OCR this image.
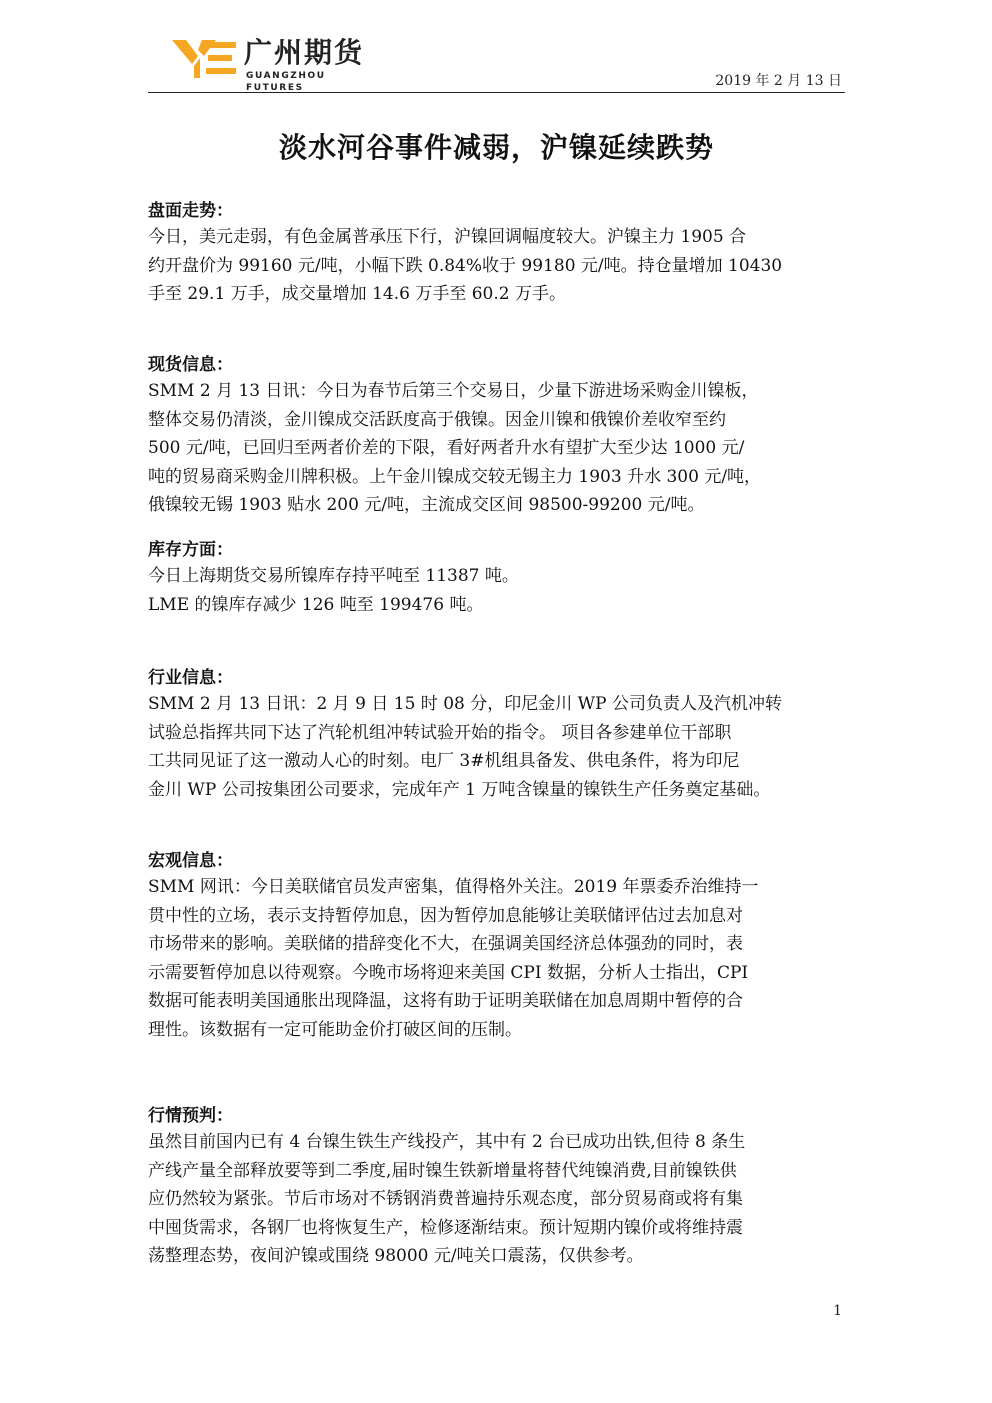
广州期货
GUANGZHOU FUTURES	2019 年 2 月 13 日
淡水河谷事件减弱，沪镍延续跌势
盘面走势：

今日，美元走弱，有色金属普承压下行，沪镍回调幅度较大。沪镍主力 1905 合

约开盘价为 99160 元/吨，小幅下跌 0.84%收于 99180 元/吨。持仓量增加 10430

手至 29.1 万手，成交量增加 14.6 万手至 60.2 万手。

现货信息：

SMM 2 月 13 日讯：今日为春节后第三个交易日，少量下游进场采购金川镍板，

整体交易仍清淡，金川镍成交活跃度高于俄镍。因金川镍和俄镍价差收窄至约

500 元/吨，已回归至两者价差的下限，看好两者升水有望扩大至少达 1000 元/

吨的贸易商采购金川牌积极。上午金川镍成交较无锡主力 1903 升水 300 元/吨，

俄镍较无锡 1903 贴水 200 元/吨，主流成交区间 98500-99200 元/吨。

库存方面：

今日上海期货交易所镍库存持平吨至 11387 吨。

LME 的镍库存减少 126 吨至 199476 吨。

行业信息：

SMM 2 月 13 日讯：2 月 9 日 15 时 08 分，印尼金川 WP 公司负责人及汽机冲转

试验总指挥共同下达了汽轮机组冲转试验开始的指令。 项目各参建单位干部职

工共同见证了这一激动人心的时刻。电厂 3#机组具备发、供电条件，将为印尼

金川 WP 公司按集团公司要求，完成年产 1 万吨含镍量的镍铁生产任务奠定基础。

宏观信息：

SMM 网讯：今日美联储官员发声密集，值得格外关注。2019 年票委乔治维持一

贯中性的立场，表示支持暂停加息，因为暂停加息能够让美联储评估过去加息对

市场带来的影响。美联储的措辞变化不大，在强调美国经济总体强劲的同时，表

示需要暂停加息以待观察。今晚市场将迎来美国 CPI 数据，分析人士指出，CPI

数据可能表明美国通胀出现降温，这将有助于证明美联储在加息周期中暂停的合

理性。该数据有一定可能助金价打破区间的压制。

行情预判：

虽然目前国内已有 4 台镍生铁生产线投产，其中有 2 台已成功出铁,但待 8 条生

产线产量全部释放要等到二季度,届时镍生铁新增量将替代纯镍消费,目前镍铁供

应仍然较为紧张。节后市场对不锈钢消费普遍持乐观态度，部分贸易商或将有集

中囤货需求，各钢厂也将恢复生产，检修逐渐结束。预计短期内镍价或将维持震

荡整理态势，夜间沪镍或围绕 98000 元/吨关口震荡，仅供参考。

1
